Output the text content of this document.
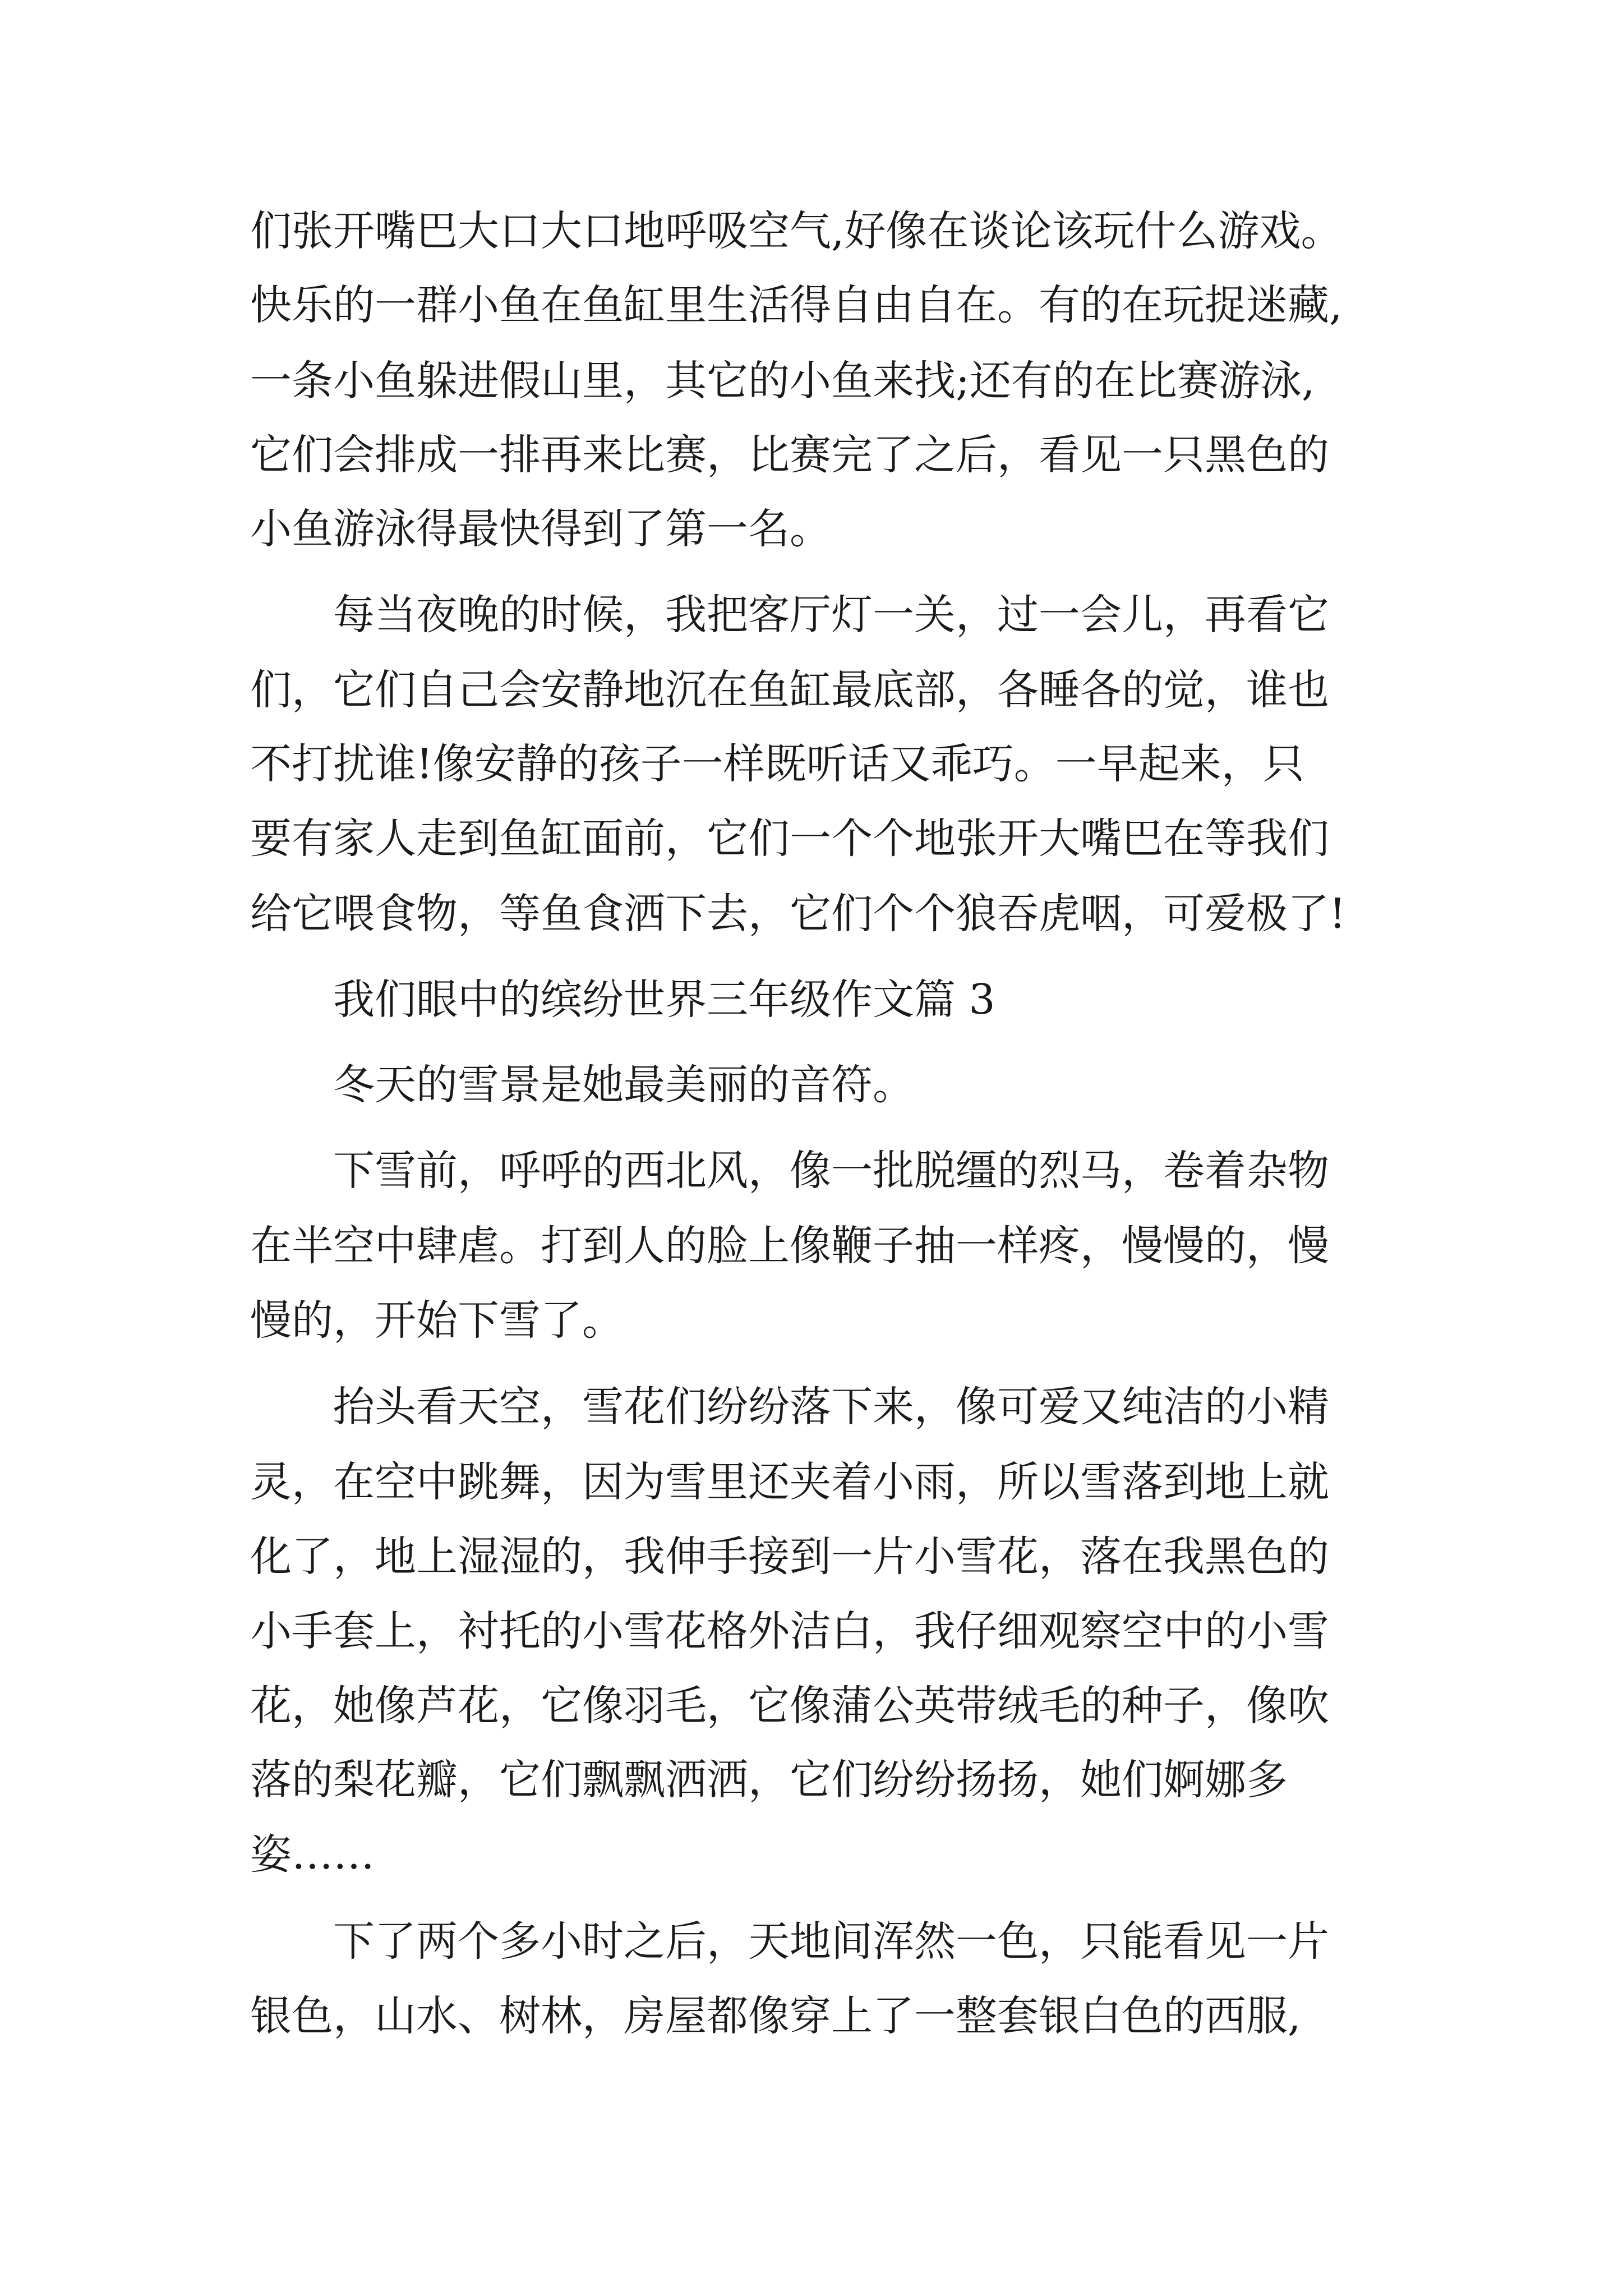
们张开嘴巴大口大口地呼吸空气,好像在谈论该玩什么游戏。
快乐的一群小鱼在鱼缸里生活得自由自在。有的在玩捉迷藏,
一条小鱼躲进假山里，其它的小鱼来找;还有的在比赛游泳,
它们会排成一排再来比赛，比赛完了之后，看见一只黑色的
小鱼游泳得最快得到了第一名。
每当夜晚的时候，我把客厅灯一关，过一会儿，再看它
们，它们自己会安静地沉在鱼缸最底部，各睡各的觉，谁也
不打扰谁!像安静的孩子一样既听话又乖巧。一早起来，只
要有家人走到鱼缸面前，它们一个个地张开大嘴巴在等我们
给它喂食物，等鱼食洒下去，它们个个狼吞虎咽，可爱极了!
我们眼中的缤纷世界三年级作文篇 3
冬天的雪景是她最美丽的音符。
下雪前，呼呼的西北风，像一批脱缰的烈马，卷着杂物
在半空中肆虐。打到人的脸上像鞭子抽一样疼，慢慢的，慢
慢的，开始下雪了。
抬头看天空，雪花们纷纷落下来，像可爱又纯洁的小精
灵，在空中跳舞，因为雪里还夹着小雨，所以雪落到地上就
化了，地上湿湿的，我伸手接到一片小雪花，落在我黑色的
小手套上，衬托的小雪花格外洁白，我仔细观察空中的小雪
花，她像芦花，它像羽毛，它像蒲公英带绒毛的种子，像吹
落的梨花瓣，它们飘飘洒洒，它们纷纷扬扬，她们婀娜多
姿……
下了两个多小时之后，天地间浑然一色，只能看见一片
银色，山水、树林，房屋都像穿上了一整套银白色的西服,
